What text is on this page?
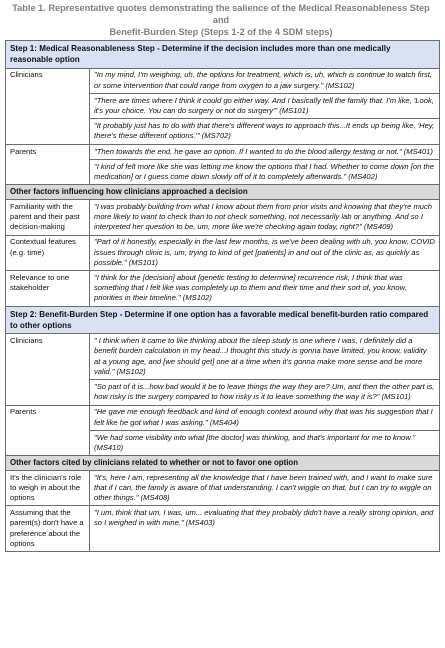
Table 1. Representative quotes demonstrating the salience of the Medical Reasonableness Step and
Benefit-Burden Step (Steps 1-2 of the 4 SDM steps)
Step 1: Medical Reasonableness Step - Determine if the decision includes more than one medically reasonable option	
Clinicians	"In my mind, I'm weighing, uh, the options for treatment, which is, uh, which is continue to watch first, or some intervention that could range from oxygen to a jaw surgery." (MS102)
	"There are times where I think it could go either way. And I basically tell the family that. I'm like, 'Look, it's your choice. You can do surgery or not do surgery'" (MS101)
	"It probably just has to do with that there's different ways to approach this...It ends up being like, 'Hey, there's these different options.'" (MS702)
Parents	"Then towards the end, he gave an option. If I wanted to do the blood allergy testing or not." (MS401)
	"I kind of felt more like she was letting me know the options that I had. Whether to come down [on the medication] or I guess come down slowly off of it to completely afterwards." (MS402)
Other factors influencing how clinicians approached a decision	
Familiarity with the parent and their past decision-making	"I was probably building from what I know about them from prior visits and knowing that they're much more likely to want to check than to not check something, not necessarily lab or anything. And so I interpreted her question to be, um, more like we're checking again today, right?" (MS409)
Contextual features (e.g. time)	"Part of it honestly, especially in the last few months, is we've been dealing with uh, you know, COVID issues through clinic is, um, trying to kind of get [patients] in and out of the clinic as, as quickly as possible." (MS101)
Relevance to one stakeholder	"I think for the [decision] about [genetic testing to determine] recurrence risk, I think that was something that I felt like was completely up to them and their time and their sort of, you know, priorities in their timeline." (MS102)
Step 2: Benefit-Burden Step - Determine if one option has a favorable medical benefit-burden ratio compared to other options	
Clinicians	" I think when it came to like thinking about the sleep study is one where I was, I definitely did a benefit burden calculation in my head...I thought this study is gonna have limited, you know, validity at a young age, and [we should get] one at a time when it's gonna make more sense and be more valid." (MS102)
	"So part of it is...how bad would it be to leave things the way they are? Um, and then the other part is, how risky is the surgery compared to how risky is it to leave something the way it is?" (MS101)
Parents	"He gave me enough feedback and kind of enough context around why that was his suggestion that I felt like he got what I was asking." (MS404)
	"We had some visibility into what [the doctor] was thinking, and that's important for me to know." (MS410)
Other factors cited by clinicians related to whether or not to favor one option	
It's the clinician's role to weigh in about the options	"It's, here I am, representing all the knowledge that I have been trained with, and I want to make sure that if I can, the family is aware of that understanding. I can't wiggle on that, but I can try to wiggle on other things." (MS408)
Assuming that the parent(s) don't have a preference about the options	"I um, think that um, I was, um... evaluating that they probably didn't have a really strong opinion, and so I weighed in with mine." (MS403)
